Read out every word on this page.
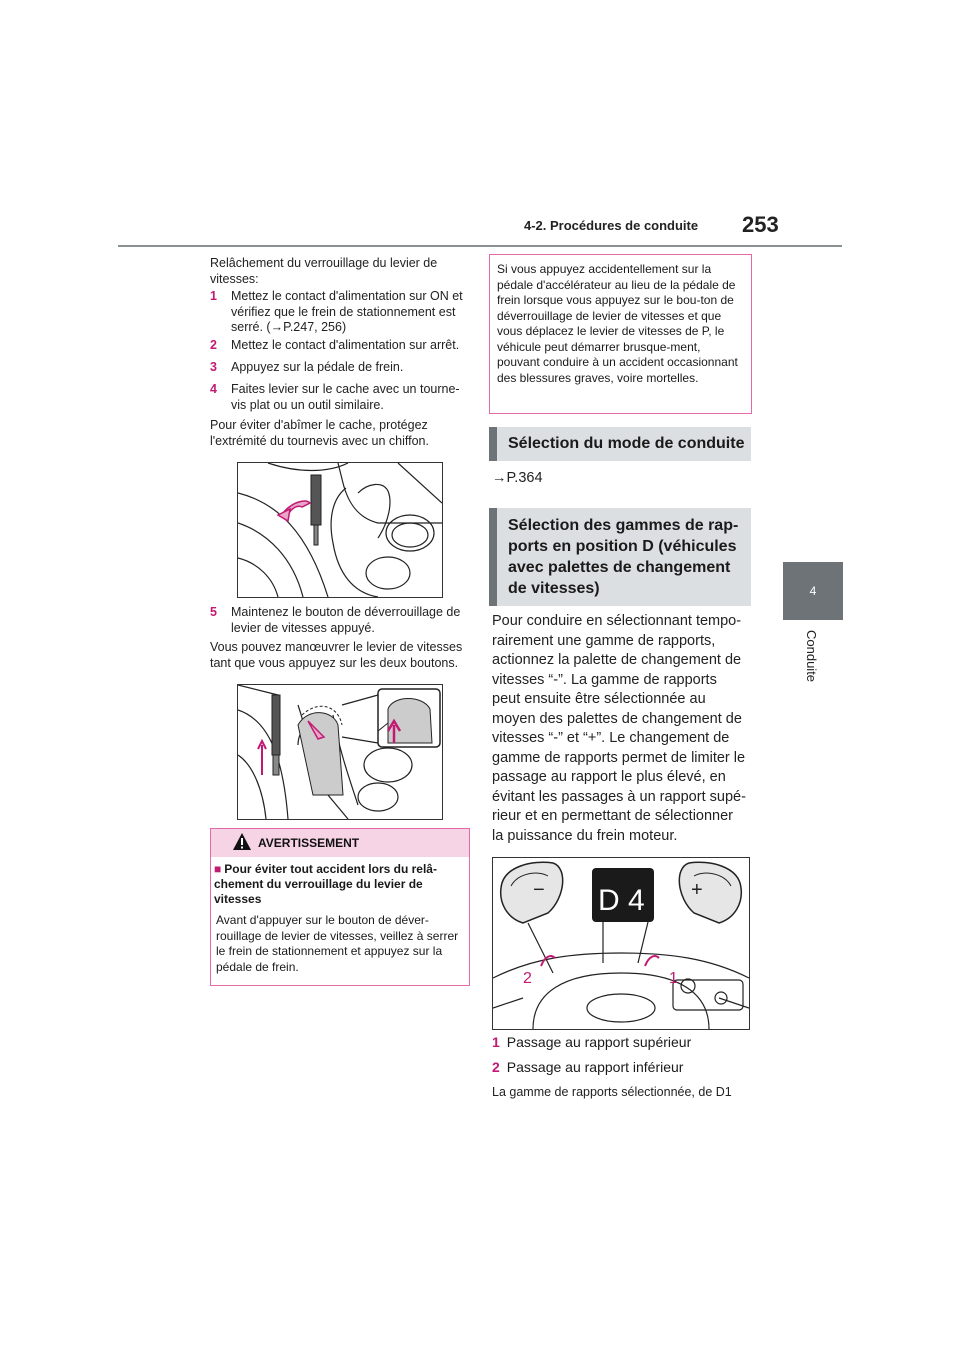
4-2. Procédures de conduite 253
4
Conduite
Relâchement du verrouillage du levier de vitesses:
1 Mettez le contact d'alimentation sur ON et vérifiez que le frein de stationnement est serré. (→P.247, 256)
2 Mettez le contact d'alimentation sur arrêt.
3 Appuyez sur la pédale de frein.
4 Faites levier sur le cache avec un tourne-vis plat ou un outil similaire.
Pour éviter d'abîmer le cache, protégez l'extrémité du tournevis avec un chiffon.
5 Maintenez le bouton de déverrouillage de levier de vitesses appuyé.
Vous pouvez manœuvrer le levier de vitesses tant que vous appuyez sur les deux boutons.
AVERTISSEMENT
■ Pour éviter tout accident lors du relâ-chement du verrouillage du levier de vitesses
Avant d'appuyer sur le bouton de déver-rouillage de levier de vitesses, veillez à serrer le frein de stationnement et appuyez sur la pédale de frein.
Si vous appuyez accidentellement sur la pédale d'accélérateur au lieu de la pédale de frein lorsque vous appuyez sur le bou-ton de déverrouillage de levier de vitesses et que vous déplacez le levier de vitesses de P, le véhicule peut démarrer brusque-ment, pouvant conduire à un accident occasionnant des blessures graves, voire mortelles.
Sélection du mode de conduite
→P.364
Sélection des gammes de rap-
ports en position D (véhicules
avec palettes de changement
de vitesses)
Pour conduire en sélectionnant tempo-rairement une gamme de rapports, actionnez la palette de changement de vitesses “-”. La gamme de rapports peut ensuite être sélectionnée au moyen des palettes de changement de vitesses “-” et “+”. Le changement de gamme de rapports permet de limiter le passage au rapport le plus élevé, en évitant les passages à un rapport supé-rieur et en permettant de sélectionner la puissance du frein moteur.
−	+
D 4
2	1
1 Passage au rapport supérieur
2 Passage au rapport inférieur
La gamme de rapports sélectionnée, de D1
